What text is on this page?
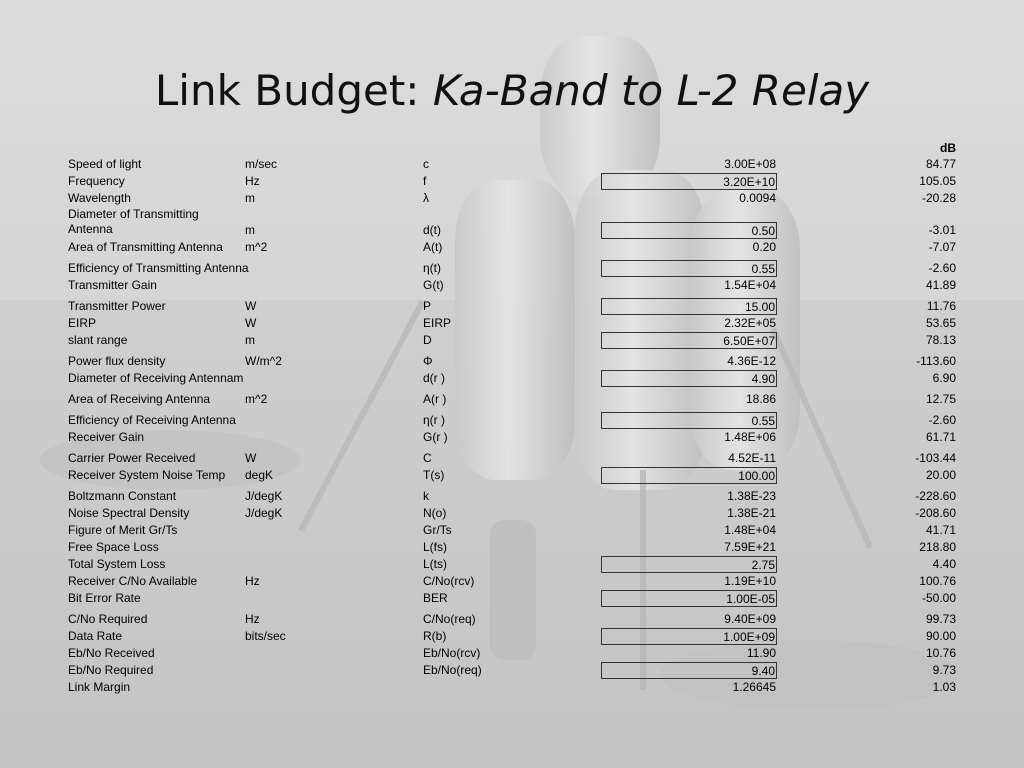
Link Budget: Ka-Band to L-2 Relay
dB
Speed of light	m/sec	c	3.00E+08	84.77
Frequency	Hz	f	3.20E+10	105.05
Wavelength	m	λ	0.0094	-20.28
Diameter of Transmitting
Antenna	m	d(t)	0.50	-3.01
Area of Transmitting Antenna m^2	A(t)	0.20	-7.07
Efficiency of Transmitting Antenna	η(t)	0.55	-2.60
Transmitter Gain	G(t)	1.54E+04	41.89
Transmitter Power	W	P	15.00	11.76
EIRP	W	EIRP	2.32E+05	53.65
slant range	m	D	6.50E+07	78.13
Power flux density	W/m^2	Φ	4.36E-12	-113.60
Diameter of Receiving Antennam	d(r )	4.90	6.90
Area of Receiving Antenna	m^2	A(r )	18.86	12.75
Efficiency of Receiving Antenna	η(r )	0.55	-2.60
Receiver Gain	G(r )	1.48E+06	61.71
Carrier Power Received	W	C	4.52E-11	-103.44
Receiver System Noise Temp degK	T(s)	100.00	20.00
Boltzmann Constant	J/degK	k	1.38E-23	-228.60
Noise Spectral Density	J/degK	N(o)	1.38E-21	-208.60
Figure of Merit Gr/Ts	Gr/Ts	1.48E+04	41.71
Free Space Loss	L(fs)	7.59E+21	218.80
Total System Loss	L(ts)	2.75	4.40
Receiver C/No Available	Hz	C/No(rcv)	1.19E+10	100.76
Bit Error Rate	BER	1.00E-05	-50.00
C/No Required	Hz	C/No(req)	9.40E+09	99.73
Data Rate	bits/sec	R(b)	1.00E+09	90.00
Eb/No Received	Eb/No(rcv)	11.90	10.76
Eb/No Required	Eb/No(req)	9.40	9.73
Link Margin	1.26645	1.03
